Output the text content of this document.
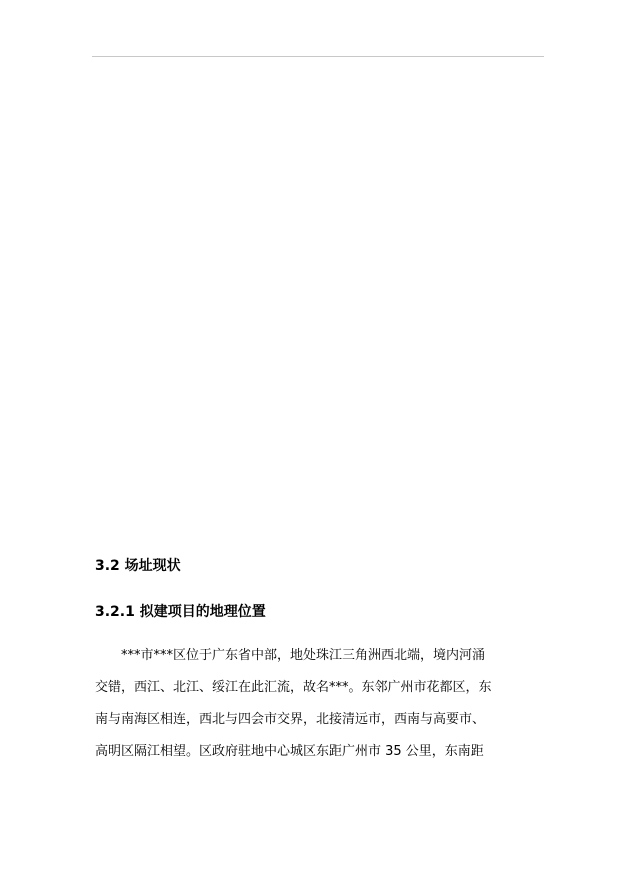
3.2 场址现状
3.2.1 拟建项目的地理位置
***市***区位于广东省中部，地处珠江三角洲西北端，境内河涌
交错，西江、北江、绥江在此汇流，故名***。东邻广州市花都区，东
南与南海区相连，西北与四会市交界，北接清远市，西南与高要市、
高明区隔江相望。区政府驻地中心城区东距广州市 35 公里，东南距
